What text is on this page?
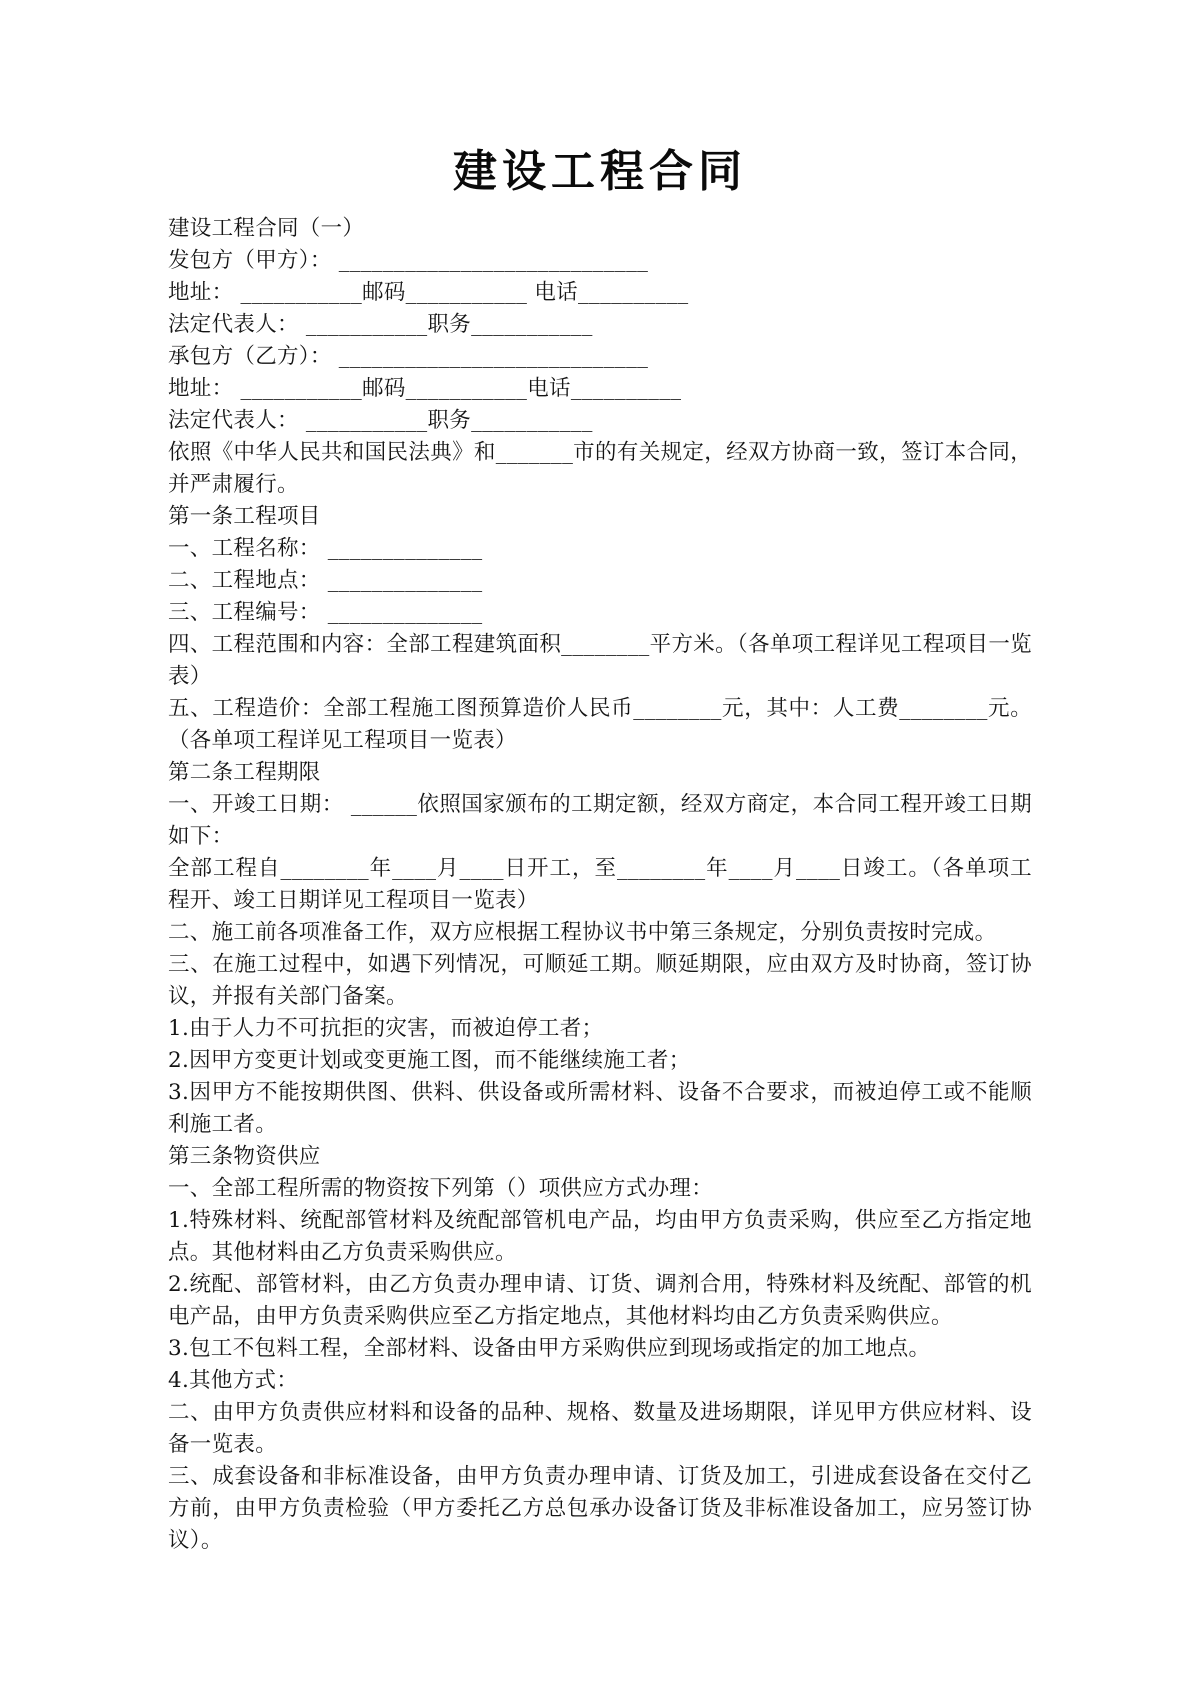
建设工程合同

建设工程合同（一）

发包方（甲方）： ____________________________

地址： ___________邮码___________ 电话__________

法定代表人： ___________职务___________

承包方（乙方）： ____________________________

地址： ___________邮码___________电话__________

法定代表人： ___________职务___________

依照《中华人民共和国民法典》和_______市的有关规定，经双方协商一致，签订本合同，并严肃履行。

第一条工程项目

一、工程名称： ______________

二、工程地点： ______________

三、工程编号： ______________

四、工程范围和内容：全部工程建筑面积________平方米。（各单项工程详见工程项目一览表）

五、工程造价：全部工程施工图预算造价人民币________元，其中：人工费________元。（各单项工程详见工程项目一览表）

第二条工程期限

一、开竣工日期： ______依照国家颁布的工期定额，经双方商定，本合同工程开竣工日期如下：

全部工程自________年____月____日开工，至________年____月____日竣工。（各单项工程开、竣工日期详见工程项目一览表）

二、施工前各项准备工作，双方应根据工程协议书中第三条规定，分别负责按时完成。

三、在施工过程中，如遇下列情况，可顺延工期。顺延期限，应由双方及时协商，签订协议，并报有关部门备案。

1.由于人力不可抗拒的灾害，而被迫停工者；

2.因甲方变更计划或变更施工图，而不能继续施工者；

3.因甲方不能按期供图、供料、供设备或所需材料、设备不合要求，而被迫停工或不能顺利施工者。

第三条物资供应

一、全部工程所需的物资按下列第（）项供应方式办理：

1.特殊材料、统配部管材料及统配部管机电产品，均由甲方负责采购，供应至乙方指定地点。其他材料由乙方负责采购供应。

2.统配、部管材料，由乙方负责办理申请、订货、调剂合用，特殊材料及统配、部管的机电产品，由甲方负责采购供应至乙方指定地点，其他材料均由乙方负责采购供应。

3.包工不包料工程，全部材料、设备由甲方采购供应到现场或指定的加工地点。

4.其他方式：

二、由甲方负责供应材料和设备的品种、规格、数量及进场期限，详见甲方供应材料、设备一览表。

三、成套设备和非标准设备，由甲方负责办理申请、订货及加工，引进成套设备在交付乙方前，由甲方负责检验（甲方委托乙方总包承办设备订货及非标准设备加工，应另签订协议）。
